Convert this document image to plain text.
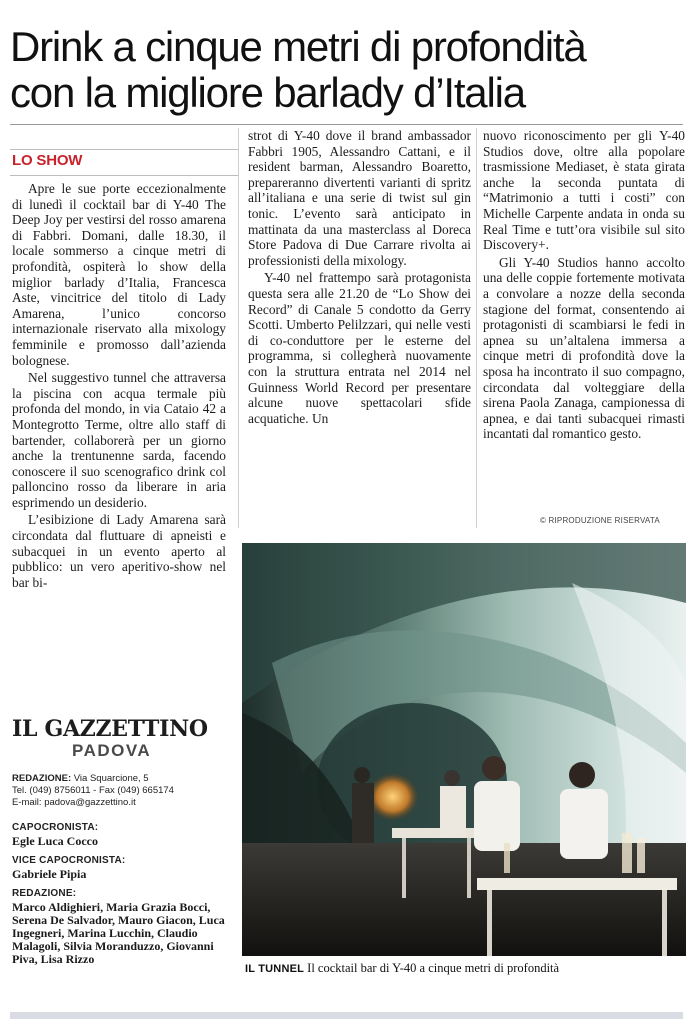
Drink a cinque metri di profondità
con la migliore barlady d’Italia
LO SHOW

Apre le sue porte eccezionalmente di lunedì il cocktail bar di Y-40 The Deep Joy per vestirsi del rosso amarena di Fabbri. Domani, dalle 18.30, il locale sommerso a cinque metri di profondità, ospiterà lo show della miglior barlady d’Italia, Francesca Aste, vincitrice del titolo di Lady Amarena, l’unico concorso internazionale riservato alla mixology femminile e promosso dall’azienda bolognese.

Nel suggestivo tunnel che attraversa la piscina con acqua termale più profonda del mondo, in via Cataio 42 a Montegrotto Terme, oltre allo staff di bartender, collaborerà per un giorno anche la trentunenne sarda, facendo conoscere il suo scenografico drink col palloncino rosso da liberare in aria esprimendo un desiderio.

L’esibizione di Lady Amarena sarà circondata dal fluttuare di apneisti e subacquei in un evento aperto al pubblico: un vero aperitivo-show nel bar bi-

strot di Y-40 dove il brand ambassador Fabbri 1905, Alessandro Cattani, e il resident barman, Alessandro Boaretto, prepareranno divertenti varianti di spritz all’italiana e una serie di twist sul gin tonic. L’evento sarà anticipato in mattinata da una masterclass al Doreca Store Padova di Due Carrare rivolta ai professionisti della mixology.

Y-40 nel frattempo sarà protagonista questa sera alle 21.20 de “Lo Show dei Record” di Canale 5 condotto da Gerry Scotti. Umberto Pelilzzari, qui nelle vesti di co-conduttore per le esterne del programma, si collegherà nuovamente con la struttura entrata nel 2014 nel Guinness World Record per presentare alcune nuove spettacolari sfide acquatiche. Un

nuovo riconoscimento per gli Y-40 Studios dove, oltre alla popolare trasmissione Mediaset, è stata girata anche la seconda puntata di “Matrimonio a tutti i costi” con Michelle Carpente andata in onda su Real Time e tutt’ora visibile sul sito Discovery+.

Gli Y-40 Studios hanno accolto una delle coppie fortemente motivata a convolare a nozze della seconda stagione del format, consentendo ai protagonisti di scambiarsi le fedi in apnea su un’altalena immersa a cinque metri di profondità dove la sposa ha incontrato il suo compagno, circondata dal volteggiare della sirena Paola Zanaga, campionessa di apnea, e dai tanti subacquei rimasti incantati dal romantico gesto.

© RIPRODUZIONE RISERVATA
IL TUNNEL Il cocktail bar di Y-40 a cinque metri di profondità
IL GAZZETTINO
PADOVA
REDAZIONE: Via Squarcione, 5
Tel. (049) 8756011 - Fax (049) 665174
E-mail: padova@gazzettino.it
CAPOCRONISTA:
Egle Luca Cocco
VICE CAPOCRONISTA:
Gabriele Pipia
REDAZIONE:
Marco Aldighieri, Maria Grazia Bocci, Serena De Salvador, Mauro Giacon, Luca Ingegneri, Marina Lucchin, Claudio Malagoli, Silvia Moranduzzo, Giovanni Piva, Lisa Rizzo
